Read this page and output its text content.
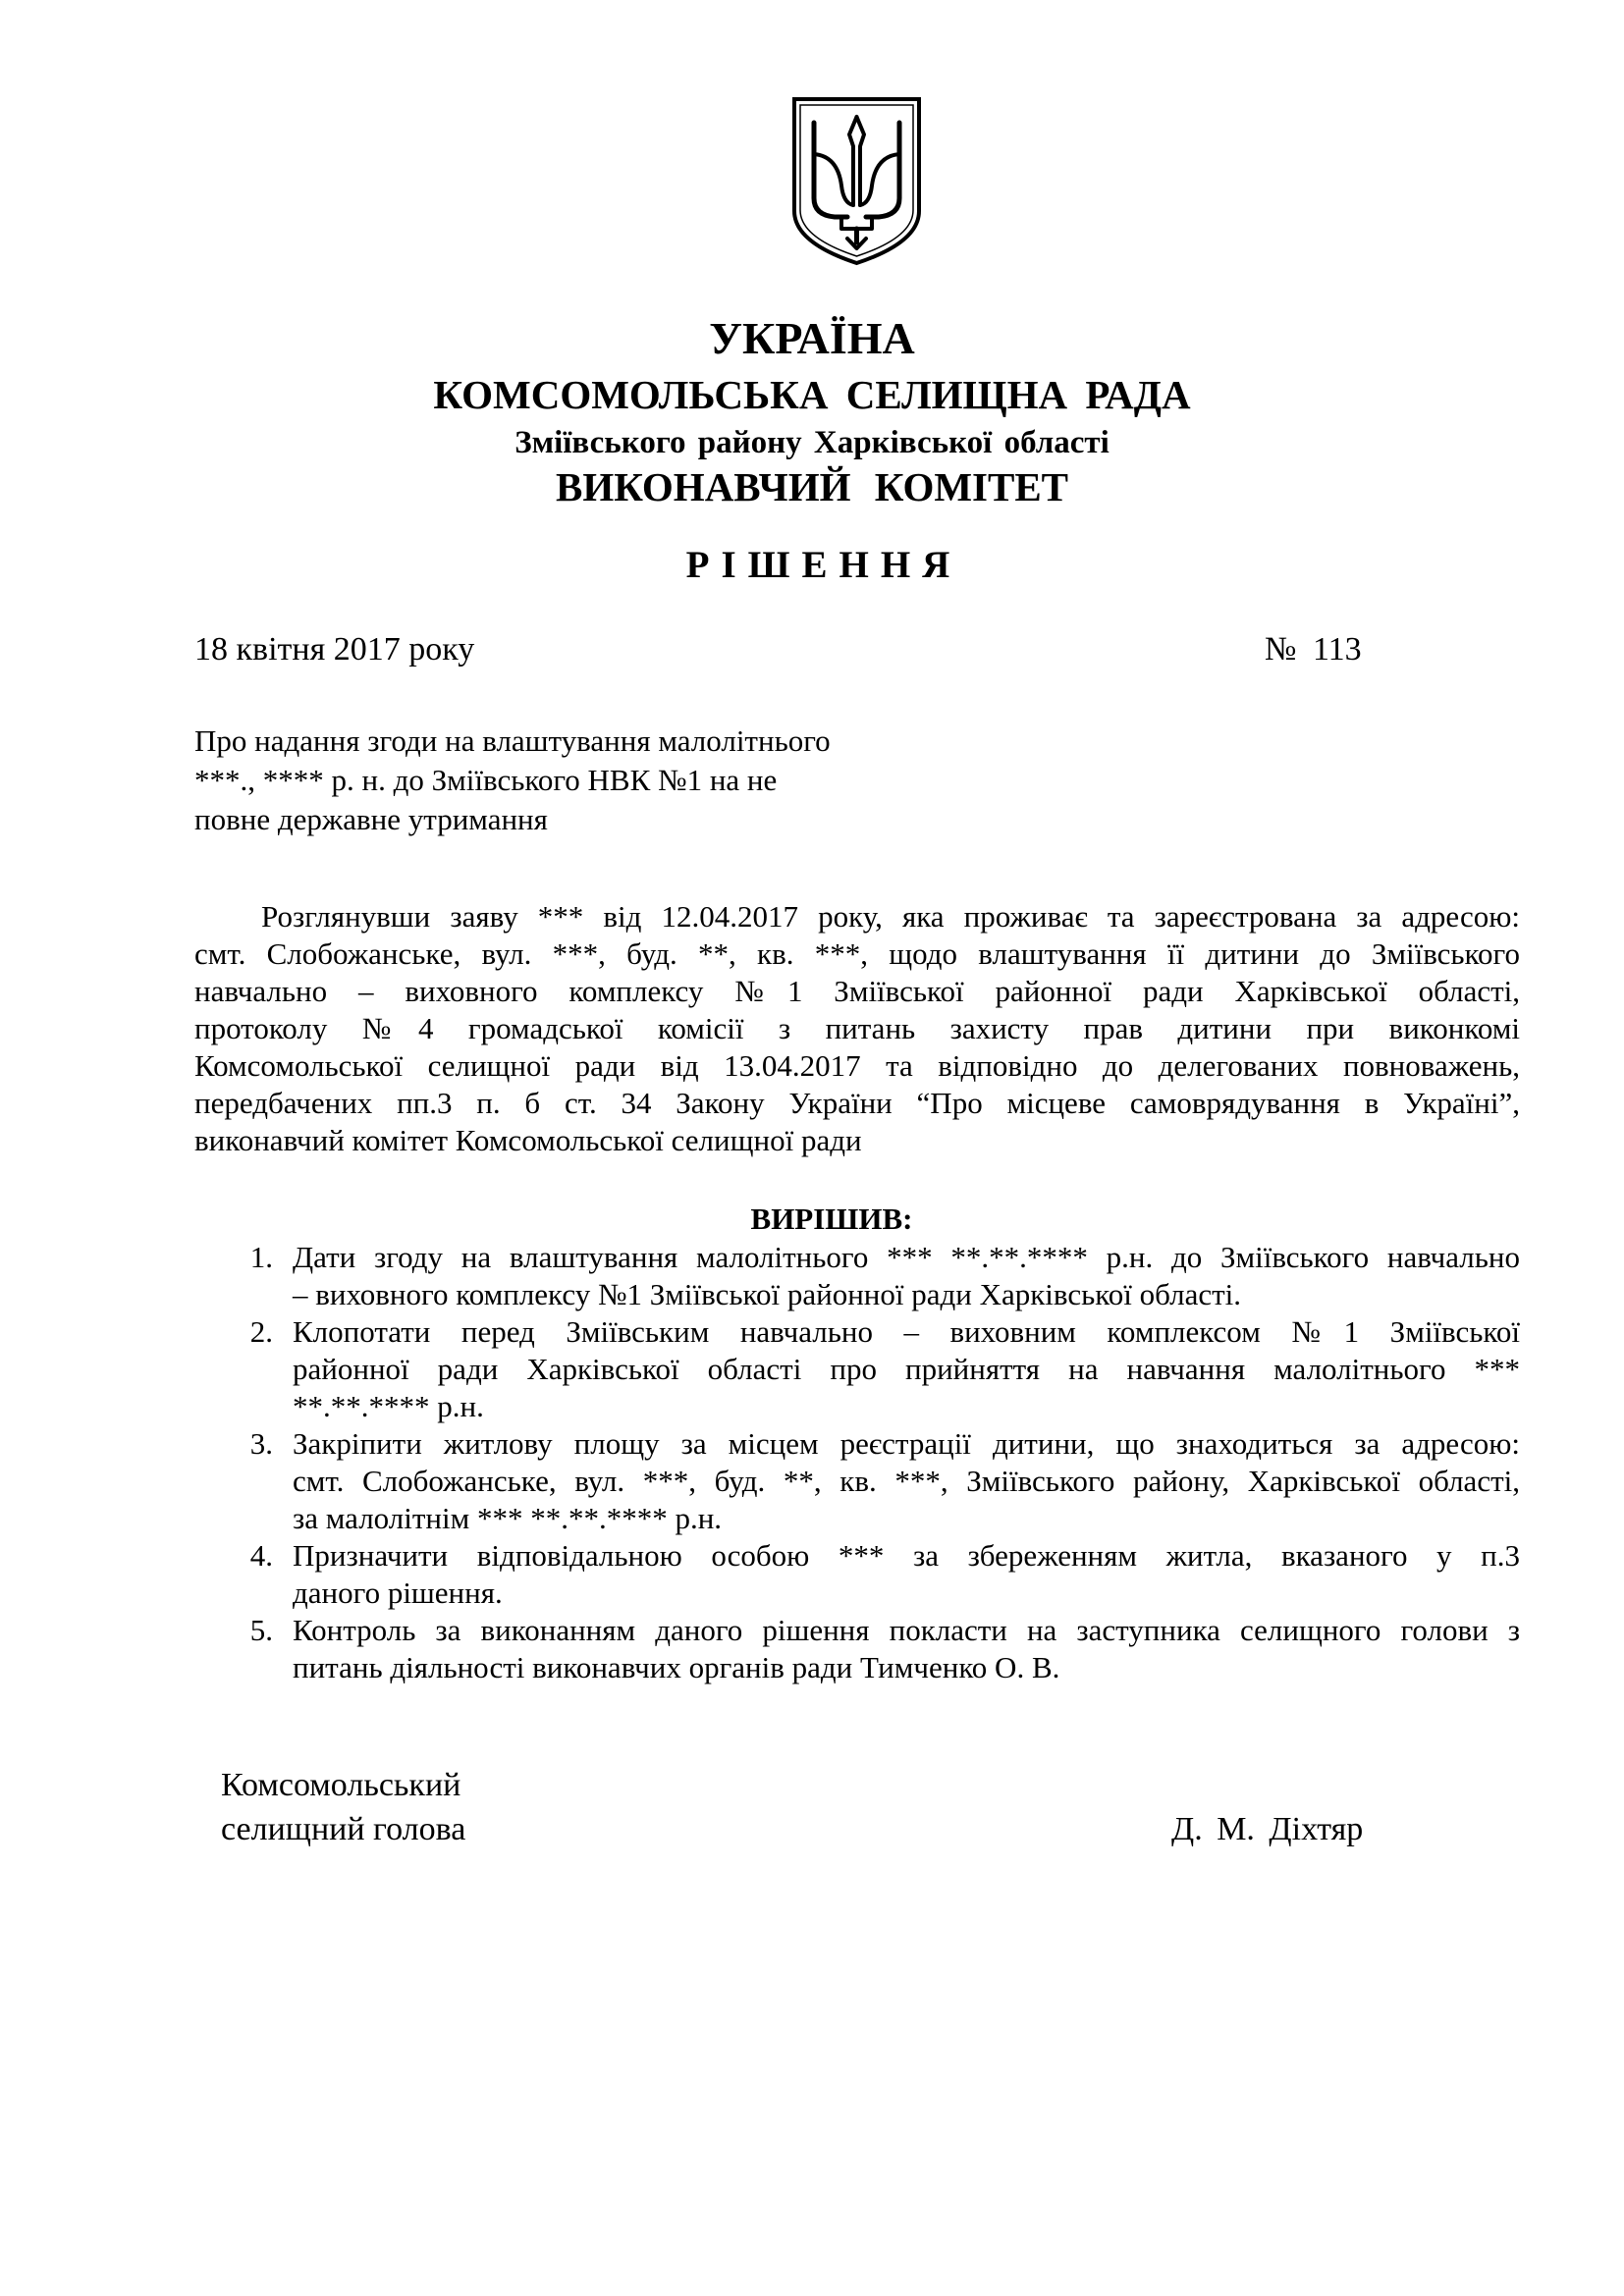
УКРАЇНА
КОМСОМОЛЬСЬКА СЕЛИЩНА РАДА
Зміївського району Харківської області
ВИКОНАВЧИЙ КОМІТЕТ
РІШЕННЯ
18 квітня 2017 року	№ 113
Про надання згоди на влаштування малолітнього
***., **** р. н. до Зміївського НВК №1 на не
повне державне утримання
Розглянувши заяву *** від 12.04.2017 року, яка проживає та зареєстрована за адресою:
смт. Слобожанське, вул. ***, буд. **, кв. ***, щодо влаштування її дитини до Зміївського
навчально – виховного комплексу №1 Зміївської районної ради Харківської області,
протоколу №4 громадської комісії з питань захисту прав дитини при виконкомі
Комсомольської селищної ради від 13.04.2017 та відповідно до делегованих повноважень,
передбачених пп.3 п. б ст. 34 Закону України “Про місцеве самоврядування в Україні”,
виконавчий комітет Комсомольської селищної ради
ВИРІШИВ:
1. Дати згоду на влаштування малолітнього *** **.**.**** р.н. до Зміївського навчально
– виховного комплексу №1 Зміївської районної ради Харківської області.
2. Клопотати перед Зміївським навчально – виховним комплексом №1 Зміївської
районної ради Харківської області про прийняття на навчання малолітнього ***
**.**.**** р.н.
3. Закріпити житлову площу за місцем реєстрації дитини, що знаходиться за адресою:
смт. Слобожанське, вул. ***, буд. **, кв. ***, Зміївського району, Харківської області,
за малолітнім *** **.**.**** р.н.
4. Призначити відповідальною особою *** за збереженням житла, вказаного у п.3
даного рішення.
5. Контроль за виконанням даного рішення покласти на заступника селищного голови з
питань діяльності виконавчих органів ради Тимченко О. В.
Комсомольський
селищний голова	Д. М. Діхтяр
